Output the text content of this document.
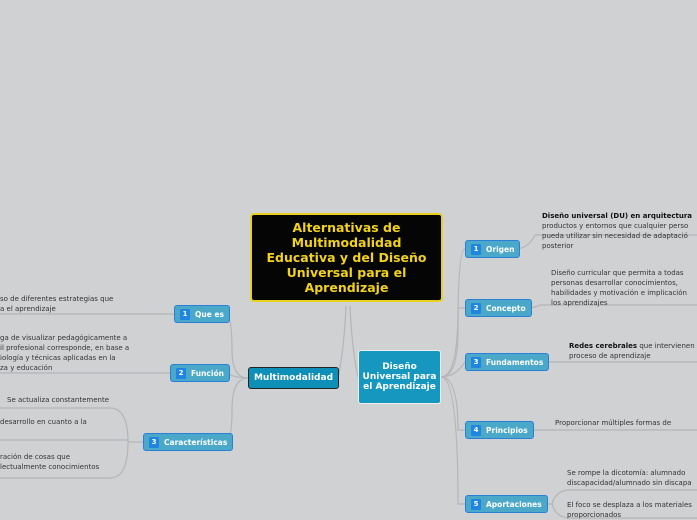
Alternativas de Multimodalidad Educativa y del Diseño Universal para el Aprendizaje
Multimodalidad
Diseño Universal para el Aprendizaje
1	Que es
2	Función
3	Características
so de diferentes estrategias que
a el aprendizaje
ga de visualizar pedagógicamente a
il profesional corresponde, en base a
iología y técnicas aplicadas en la
za y educación
Se actualiza constantemente
desarrollo en cuanto a la
ración de cosas que
lectualmente conocimientos
1	Origen
2	Concepto
3	Fundamentos
4	Principios
5	Aportaciones
Diseño universal (DU) en arquitectura
productos y entornos que cualquier perso
pueda utilizar sin necesidad de adaptació
posterior
Diseño curricular que permita a todas
personas desarrollar conocimientos,
habilidades y motivación e implicación
los aprendizajes
Redes cerebrales que intervienen
proceso de aprendizaje
Proporcionar múltiples formas de
Se rompe la dicotomía: alumnado
discapacidad/alumnado sin discapa
El foco se desplaza a los materiales
proporcionados
